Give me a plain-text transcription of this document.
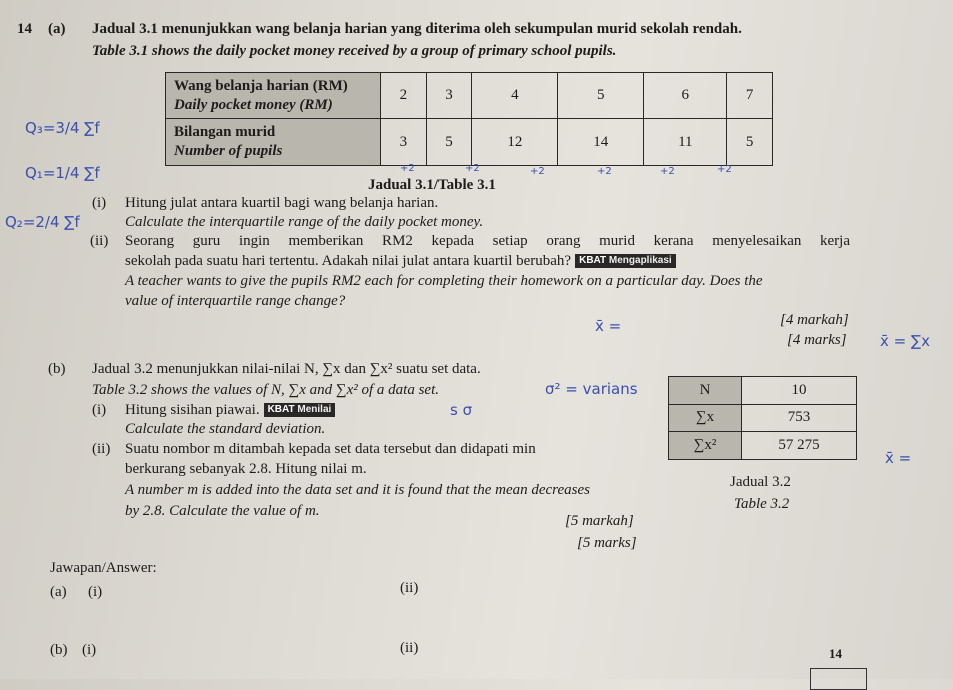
14 (a) Jadual 3.1 menunjukkan wang belanja harian yang diterima oleh sekumpulan murid sekolah rendah.
Table 3.1 shows the daily pocket money received by a group of primary school pupils.
Wang belanja harian (RM)
Daily pocket money (RM)	2	3	4	5	6	7
Bilangan murid
Number of pupils	3	5	12	14	11	5
Jadual 3.1/Table 3.1
(i) Hitung julat antara kuartil bagi wang belanja harian.
Calculate the interquartile range of the daily pocket money.
(ii) Seorang guru ingin memberikan RM2 kepada setiap orang murid kerana menyelesaikan kerja
sekolah pada suatu hari tertentu. Adakah nilai julat antara kuartil berubah? KBAT Mengaplikasi
A teacher wants to give the pupils RM2 each for completing their homework on a particular day. Does the
value of interquartile range change?
[4 markah]
[4 marks]
(b) Jadual 3.2 menunjukkan nilai-nilai N, ∑x dan ∑x² suatu set data.
Table 3.2 shows the values of N, ∑x and ∑x² of a data set.
(i) Hitung sisihan piawai. KBAT Menilai
Calculate the standard deviation.
(ii) Suatu nombor m ditambah kepada set data tersebut dan didapati min
berkurang sebanyak 2.8. Hitung nilai m.
A number m is added into the data set and it is found that the mean decreases
by 2.8. Calculate the value of m.
N	10
∑x	753
∑x²	57 275
Jadual 3.2
Table 3.2
[5 markah]
[5 marks]
Jawapan/Answer:
(a) (i)	(ii)
(b) (i)	(ii)	14
Q₃=3/4 ∑f
Q₁=1/4 ∑f
Q₂=2/4 ∑f
+2	+2	+2	+2	+2	+2
x̄ =
σ² = varians
s σ
x̄ = ∑x
x̄ =
